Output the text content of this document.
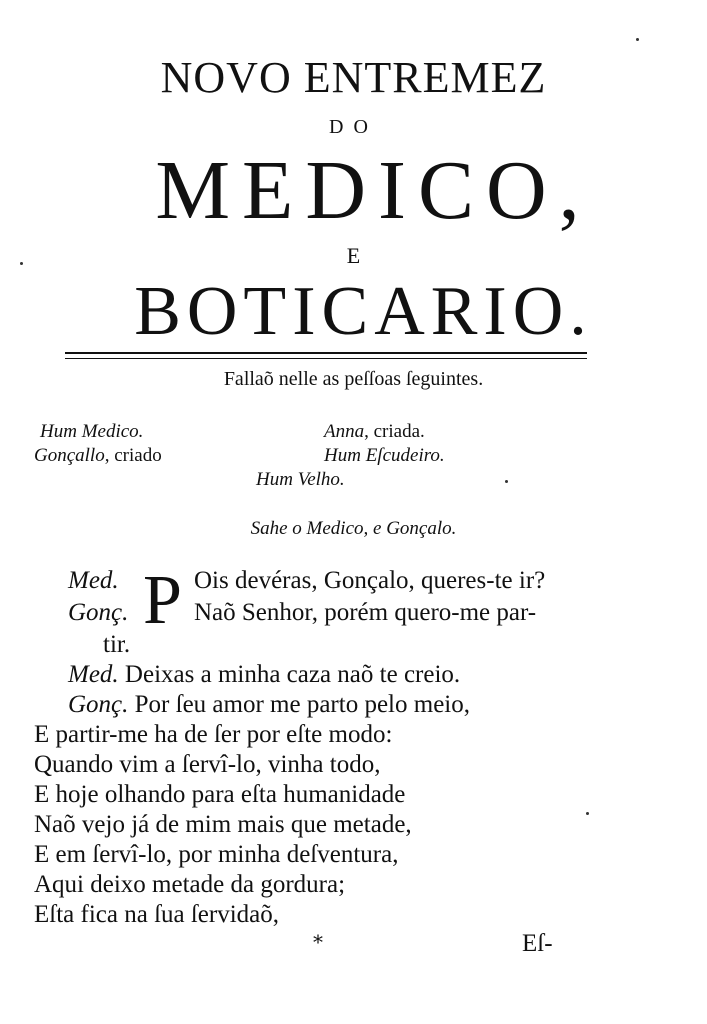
NOVO ENTREMEZ
DO
MEDICO,
E
BOTICARIO.
Fallaõ nelle as peſſoas ſeguintes.
Hum Medico.	Anna, criada.
Gonçallo, criado	Hum Eſcudeiro.
Hum Velho.
Sahe o Medico, e Gonçalo.
P
Med.	Ois devéras, Gonçalo, queres-te ir?
Gonç.	Naõ Senhor, porém quero-me par-
tir.
Med. Deixas a minha caza naõ te creio.
Gonç. Por ſeu amor me parto pelo meio,
E partir-me ha de ſer por eſte modo:
Quando vim a ſervî-lo, vinha todo,
E hoje olhando para eſta humanidade
Naõ vejo já de mim mais que metade,
E em ſervî-lo, por minha deſventura,
Aqui deixo metade da gordura;
Eſta fica na ſua ſervidaõ,
*	Eſ-
